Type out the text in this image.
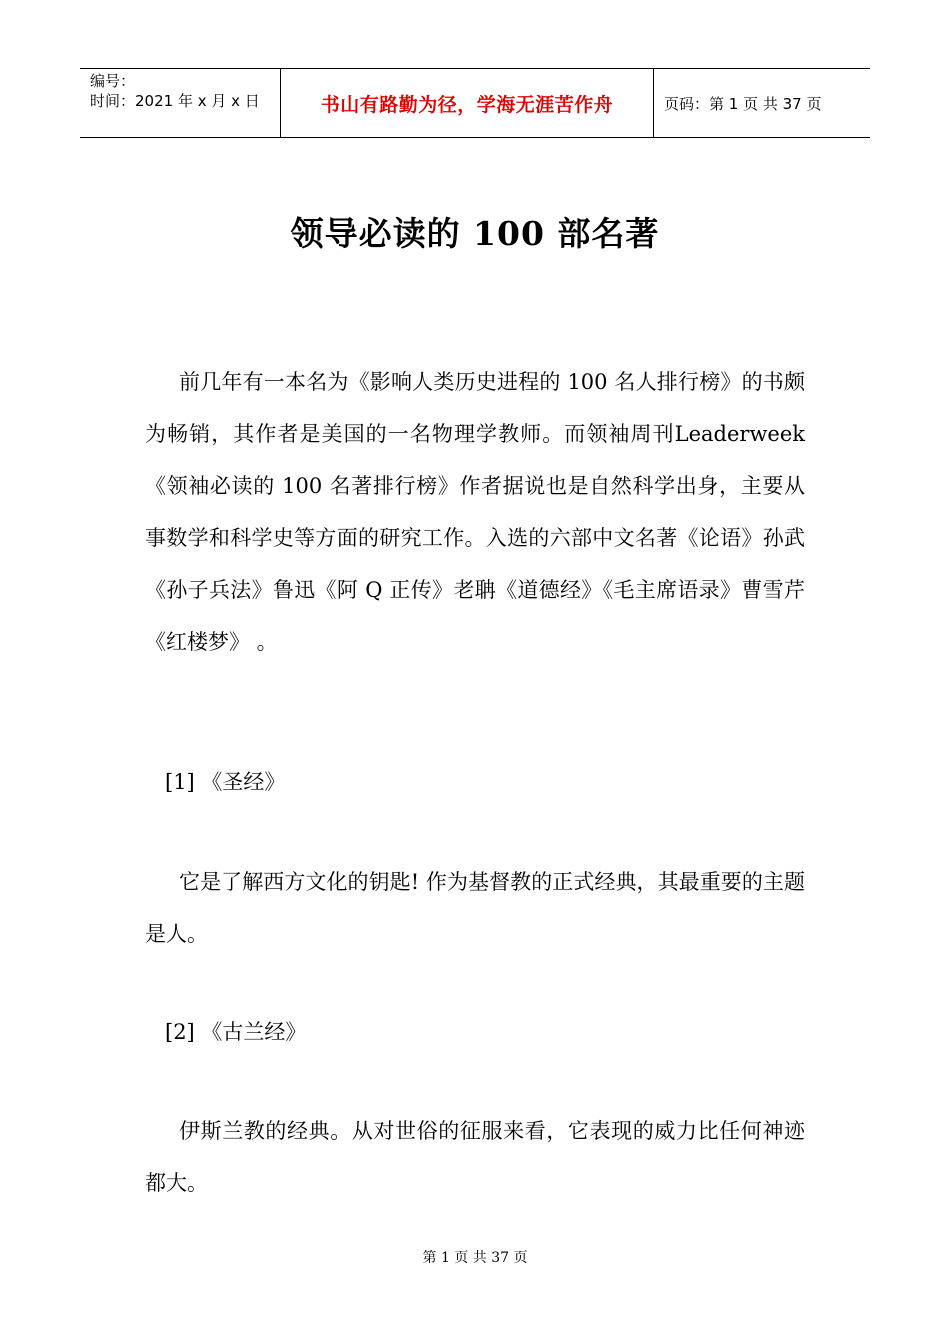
编号：
时间：2021 年 x 月 x 日	书山有路勤为径，学海无涯苦作舟	页码：第 1 页 共 37 页
领导必读的 100 部名著
前几年有一本名为《影响人类历史进程的 100 名人排行榜》的书颇为畅销，其作者是美国的一名物理学教师。而领袖周刊Leaderweek《领袖必读的 100 名著排行榜》作者据说也是自然科学出身，主要从事数学和科学史等方面的研究工作。入选的六部中文名著《论语》孙武《孙子兵法》鲁迅《阿 Q 正传》老聃《道德经》《毛主席语录》曹雪芹《红楼梦》 。
[1] 《圣经》
它是了解西方文化的钥匙! 作为基督教的正式经典，其最重要的主题是人。
[2] 《古兰经》
伊斯兰教的经典。从对世俗的征服来看，它表现的威力比任何神迹都大。
第 1 页 共 37 页
